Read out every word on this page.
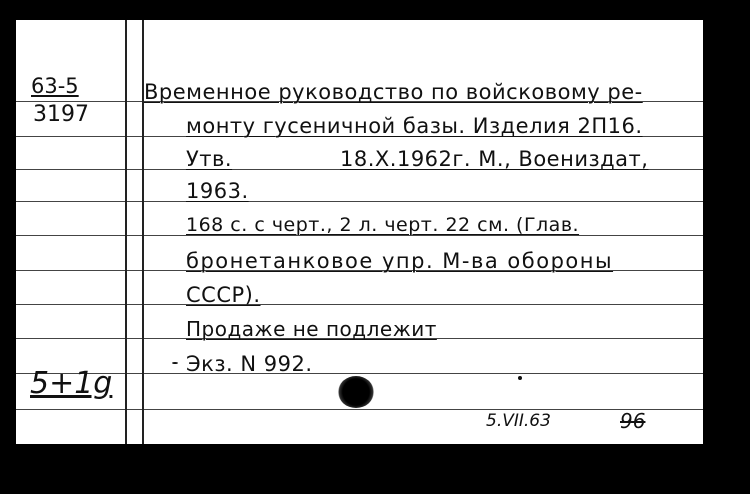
63-5
3197
Временное руководство по войсковому ре-
монту гусеничной базы. Изделия 2П16.
Утв.	18.X.1962г. М., Воениздат,
1963.
168 с. с черт., 2 л. черт. 22 см. (Глав.
бронетанковое упр. М-ва обороны
СССР).
Продаже не подлежит
Экз. N 992.
5+1g
5.VII.63	96
